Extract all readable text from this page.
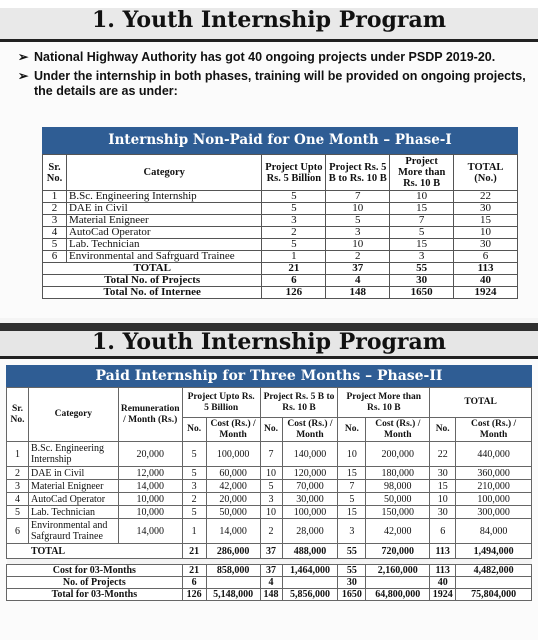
1. Youth Internship Program
➢ National Highway Authority has got 40 ongoing projects under PSDP 2019-20.
➢ Under the internship in both phases, training will be provided on ongoing projects, the details are as under:
Internship Non-Paid for One Month – Phase-I
Sr. No.	Category	Project Upto Rs. 5 Billion	Project Rs. 5 B to Rs. 10 B	Project More than Rs. 10 B	TOTAL (No.)
1	B.Sc. Engineering Internship	5	7	10	22
2	DAE in Civil	5	10	15	30
3	Material Enigneer	3	5	7	15
4	AutoCad Operator	2	3	5	10
5	Lab. Technician	5	10	15	30
6	Environmental and Safrguard Trainee	1	2	3	6
TOTAL		21	37	55	113
Total No. of Projects		6	4	30	40
Total No. of Internee		126	148	1650	1924
1. Youth Internship Program
Paid Internship for Three Months – Phase-II
Sr. No.	Category	Remuneration / Month (Rs.)	Project Upto Rs. 5 Billion		Project Rs. 5 B to Rs. 10 B		Project More than Rs. 10 B		TOTAL	
			No.	Cost (Rs.) / Month	No.	Cost (Rs.) / Month	No.	Cost (Rs.) / Month	No.	Cost (Rs.) / Month
1	B.Sc. Engineering Internship	20,000	5	100,000	7	140,000	10	200,000	22	440,000
2	DAE in Civil	12,000	5	60,000	10	120,000	15	180,000	30	360,000
3	Material Enigneer	14,000	3	42,000	5	70,000	7	98,000	15	210,000
4	AutoCad Operator	10,000	2	20,000	3	30,000	5	50,000	10	100,000
5	Lab. Technician	10,000	5	50,000	10	100,000	15	150,000	30	300,000
6	Environmental and Safgraurd Trainee	14,000	1	14,000	2	28,000	3	42,000	6	84,000
TOTAL			21	286,000	37	488,000	55	720,000	113	1,494,000

Cost for 03-Months			21	858,000	37	1,464,000	55	2,160,000	113	4,482,000
No. of Projects			6		4		30		40	
Total for 03-Months			126	5,148,000	148	5,856,000	1650	64,800,000	1924	75,804,000
